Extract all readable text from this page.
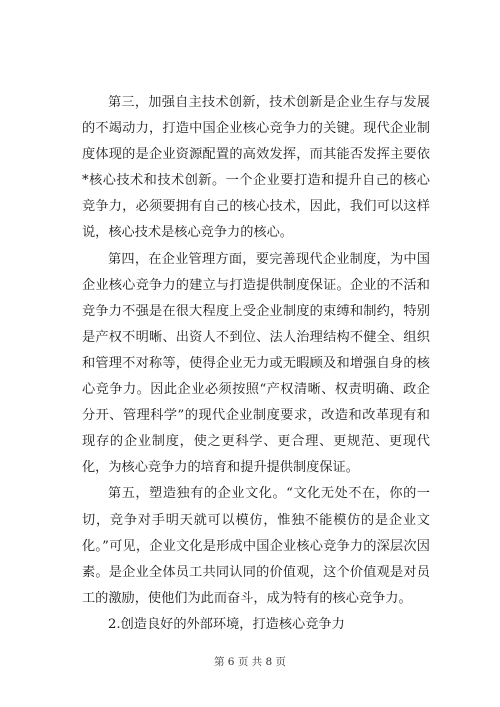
第三，加强自主技术创新，技术创新是企业生存与发展的不竭动力，打造中国企业核心竞争力的关键。现代企业制度体现的是企业资源配置的高效发挥，而其能否发挥主要依*核心技术和技术创新。一个企业要打造和提升自己的核心竞争力，必须要拥有自己的核心技术，因此，我们可以这样说，核心技术是核心竞争力的核心。

第四，在企业管理方面，要完善现代企业制度，为中国企业核心竞争力的建立与打造提供制度保证。企业的不活和竞争力不强是在很大程度上受企业制度的束缚和制约，特别是产权不明晰、出资人不到位、法人治理结构不健全、组织和管理不对称等，使得企业无力或无暇顾及和增强自身的核心竞争力。因此企业必须按照“产权清晰、权责明确、政企分开、管理科学”的现代企业制度要求，改造和改革现有和现存的企业制度，使之更科学、更合理、更规范、更现代化，为核心竞争力的培育和提升提供制度保证。

第五，塑造独有的企业文化。“文化无处不在，你的一切，竞争对手明天就可以模仿，惟独不能模仿的是企业文化。”可见，企业文化是形成中国企业核心竞争力的深层次因素。是企业全体员工共同认同的价值观，这个价值观是对员工的激励，使他们为此而奋斗，成为特有的核心竞争力。

2.创造良好的外部环境，打造核心竞争力

第 6 页 共 8 页
